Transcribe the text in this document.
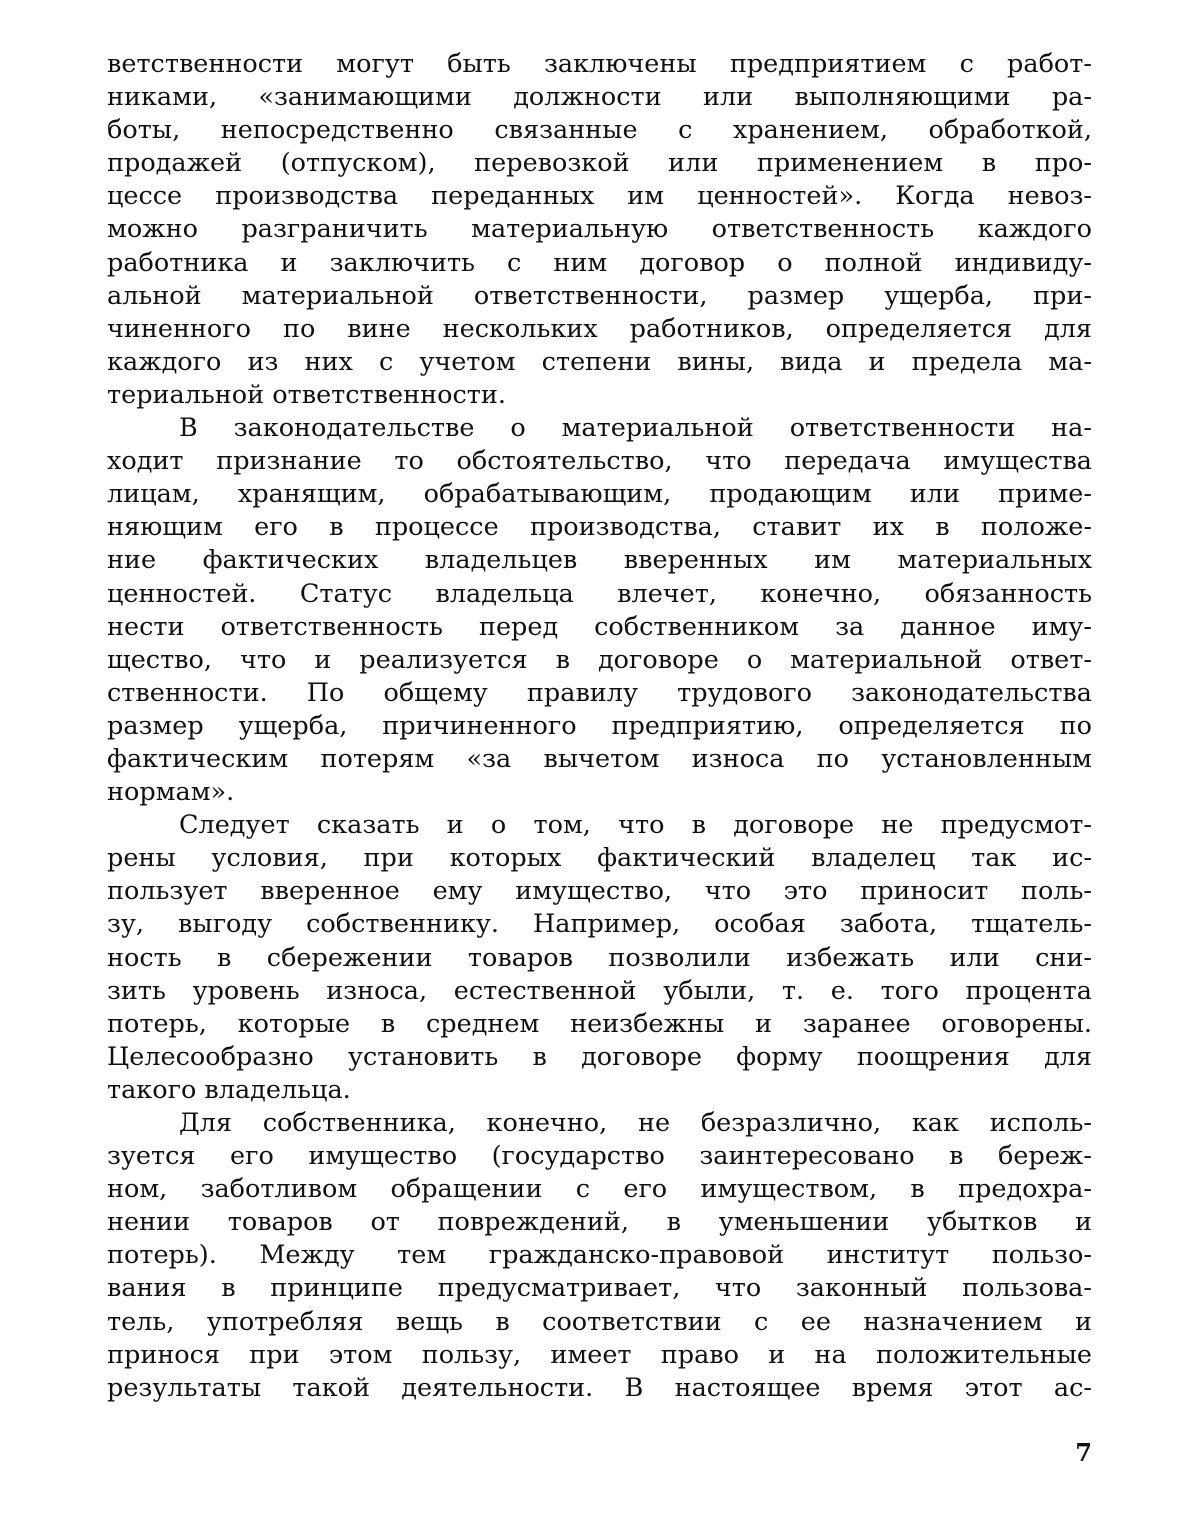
ветственности могут быть заключены предприятием с работ-
никами, «занимающими должности или выполняющими ра-
боты, непосредственно связанные с хранением, обработкой,
продажей (отпуском), перевозкой или применением в про-
цессе производства переданных им ценностей». Когда невоз-
можно разграничить материальную ответственность каждого
работника и заключить с ним договор о полной индивиду-
альной материальной ответственности, размер ущерба, при-
чиненного по вине нескольких работников, определяется для
каждого из них с учетом степени вины, вида и предела ма-
териальной ответственности.
В законодательстве о материальной ответственности на-
ходит признание то обстоятельство, что передача имущества
лицам, хранящим, обрабатывающим, продающим или приме-
няющим его в процессе производства, ставит их в положе-
ние фактических владельцев вверенных им материальных
ценностей. Статус владельца влечет, конечно, обязанность
нести ответственность перед собственником за данное иму-
щество, что и реализуется в договоре о материальной ответ-
ственности. По общему правилу трудового законодательства
размер ущерба, причиненного предприятию, определяется по
фактическим потерям «за вычетом износа по установленным
нормам».
Следует сказать и о том, что в договоре не предусмот-
рены условия, при которых фактический владелец так ис-
пользует вверенное ему имущество, что это приносит поль-
зу, выгоду собственнику. Например, особая забота, тщатель-
ность в сбережении товаров позволили избежать или сни-
зить уровень износа, естественной убыли, т. е. того процента
потерь, которые в среднем неизбежны и заранее оговорены.
Целесообразно установить в договоре форму поощрения для
такого владельца.
Для собственника, конечно, не безразлично, как исполь-
зуется его имущество (государство заинтересовано в береж-
ном, заботливом обращении с его имуществом, в предохра-
нении товаров от повреждений, в уменьшении убытков и
потерь). Между тем гражданско-правовой институт пользо-
вания в принципе предусматривает, что законный пользова-
тель, употребляя вещь в соответствии с ее назначением и
принося при этом пользу, имеет право и на положительные
результаты такой деятельности. В настоящее время этот ас-
7
